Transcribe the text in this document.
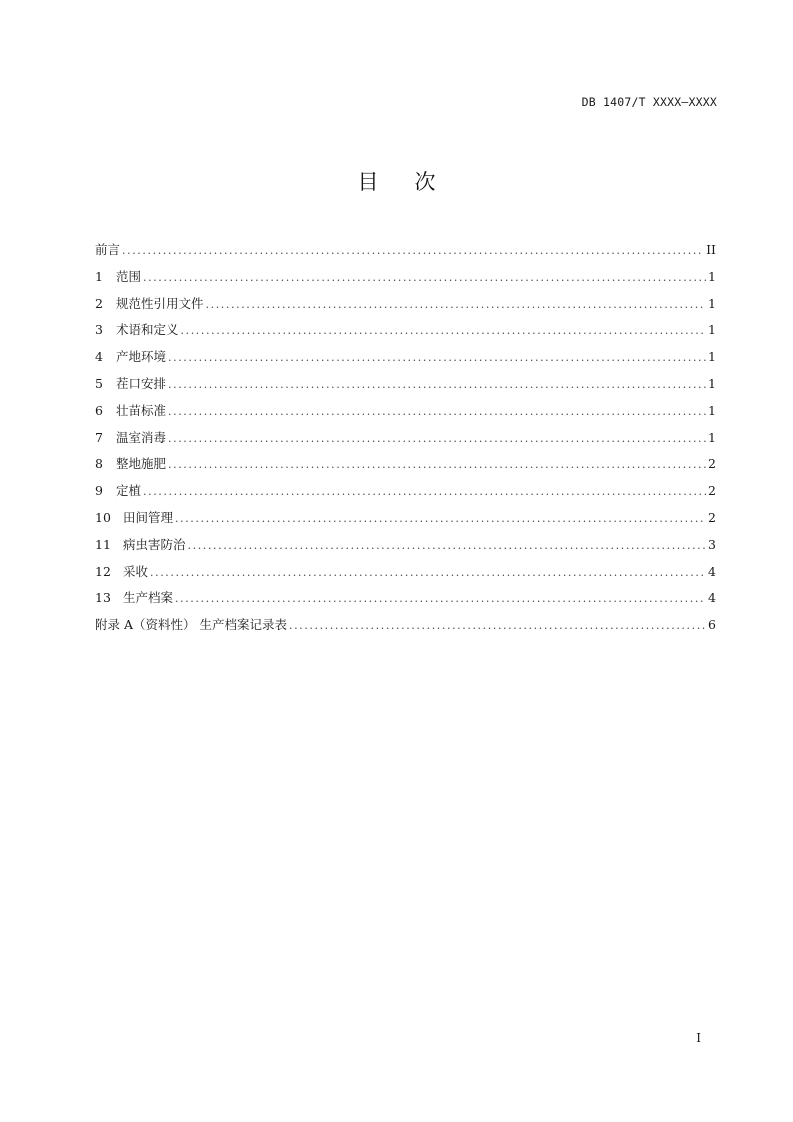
DB 1407/T XXXX—XXXX
目 次
前言 .....	II
1	范围 .....	1
2	规范性引用文件 .....	1
3	术语和定义 .....	1
4	产地环境 .....	1
5	茬口安排 .....	1
6	壮苗标准 .....	1
7	温室消毒 .....	1
8	整地施肥 .....	2
9	定植 .....	2
10 田间管理 .....	2
11 病虫害防治 .....	3
12 采收 .....	4
13 生产档案 .....	4
附录 A（资料性） 生产档案记录表 .....	6
I
